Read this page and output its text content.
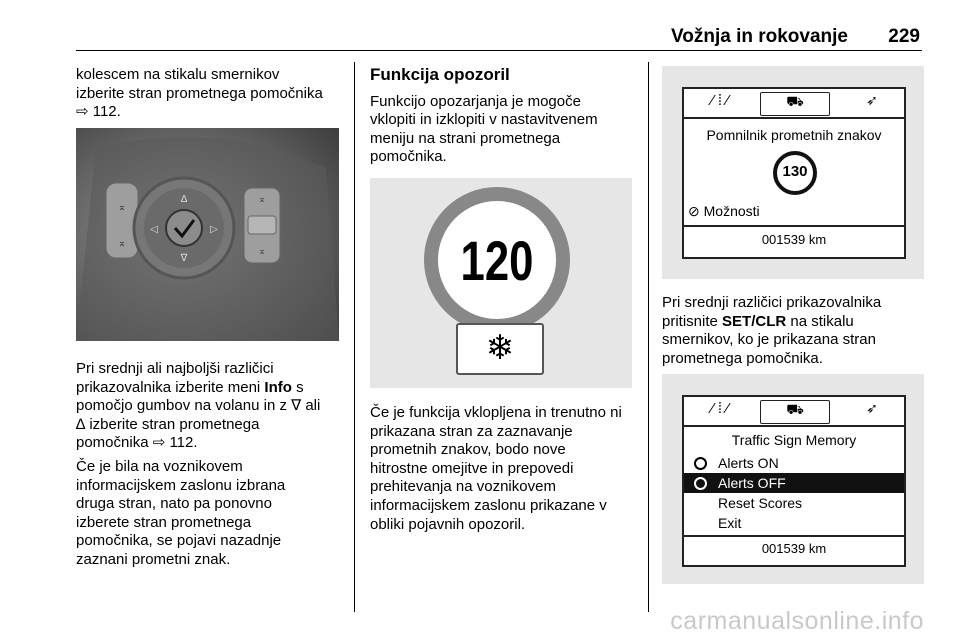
Vožnja in rokovanje 229
kolescem na stikalu smernikov
izberite stran prometnega pomočnika
⇨ 112.
⌅
⌅
∆
∇
◁	▷
⌅
⌅

Pri srednji ali najboljši različici
prikazovalnika izberite meni Info s
pomočjo gumbov na volanu in z ∇ ali
∆ izberite stran prometnega
pomočnika ⇨ 112.

Če je bila na voznikovem
informacijskem zaslonu izbrana
druga stran, nato pa ponovno
izberete stran prometnega
pomočnika, se pojavi nazadnje
zaznani prometni znak.

Funkcija opozoril
Funkcijo opozarjanja je mogoče
vklopiti in izklopiti v nastavitvenem
meniju na strani prometnega
pomočnika.
120
❄

Če je funkcija vklopljena in trenutno ni
prikazana stran za zaznavanje
prometnih znakov, bodo nove
hitrostne omejitve in prepovedi
prehitevanja na voznikovem
informacijskem zaslonu prikazane v
obliki pojavnih opozoril.

⁄ ⁞ ⁄	⛟	➶
Pomnilnik prometnih znakov
130
⊘ Možnosti
001539 km

Pri srednji različici prikazovalnika
pritisnite SET/CLR na stikalu
smernikov, ko je prikazana stran
prometnega pomočnika.

⁄ ⁞ ⁄	⛟	➶
Traffic Sign Memory
Alerts ON
Alerts OFF
Reset Scores
Exit
001539 km
carmanualsonline.info
